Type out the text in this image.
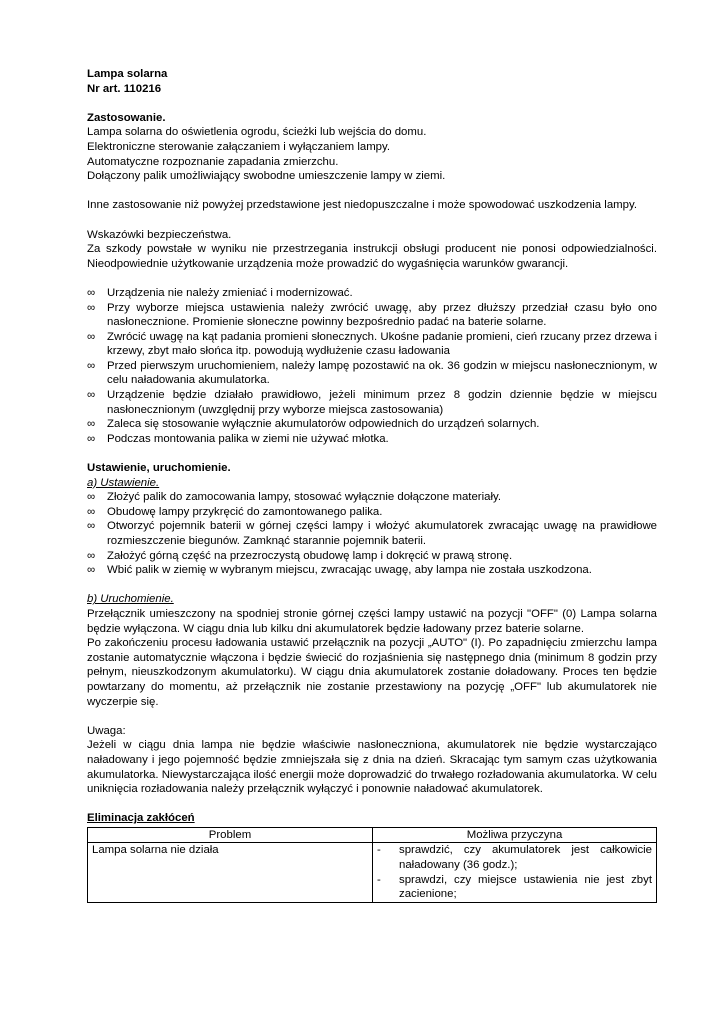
Lampa solarna

Nr art. 110216

Zastosowanie.

Lampa solarna do oświetlenia ogrodu, ścieżki lub wejścia do domu.

Elektroniczne sterowanie załączaniem i wyłączaniem lampy.

Automatyczne rozpoznanie zapadania zmierzchu.

Dołączony palik umożliwiający swobodne umieszczenie lampy w ziemi.

Inne zastosowanie niż powyżej przedstawione jest niedopuszczalne i może spowodować uszkodzenia lampy.

Wskazówki bezpieczeństwa.

Za szkody powstałe w wyniku nie przestrzegania instrukcji obsługi producent nie ponosi odpowiedzialności. Nieodpowiednie użytkowanie urządzenia może prowadzić do wygaśnięcia warunków gwarancji.

∞ Urządzenia nie należy zmieniać i modernizować.
∞ Przy wyborze miejsca ustawienia należy zwrócić uwagę, aby przez dłuższy przedział czasu było ono nasłonecznione. Promienie słoneczne powinny bezpośrednio padać na baterie solarne.
∞ Zwrócić uwagę na kąt padania promieni słonecznych. Ukośne padanie promieni, cień rzucany przez drzewa i krzewy, zbyt mało słońca itp. powodują wydłużenie czasu ładowania
∞ Przed pierwszym uruchomieniem, należy lampę pozostawić na ok. 36 godzin w miejscu nasłonecznionym, w celu naładowania akumulatorka.
∞ Urządzenie będzie działało prawidłowo, jeżeli minimum przez 8 godzin dziennie będzie w miejscu nasłonecznionym (uwzględnij przy wyborze miejsca zastosowania)
∞ Zaleca się stosowanie wyłącznie akumulatorów odpowiednich do urządzeń solarnych.
∞ Podczas montowania palika w ziemi nie używać młotka.

Ustawienie, uruchomienie.

a) Ustawienie.

∞ Złożyć palik do zamocowania lampy, stosować wyłącznie dołączone materiały.
∞ Obudowę lampy przykręcić do zamontowanego palika.
∞ Otworzyć pojemnik baterii w górnej części lampy i włożyć akumulatorek zwracając uwagę na prawidłowe rozmieszczenie biegunów. Zamknąć starannie pojemnik baterii.
∞ Założyć górną część na przezroczystą obudowę lamp i dokręcić w prawą stronę.
∞ Wbić palik w ziemię w wybranym miejscu, zwracając uwagę, aby lampa nie została uszkodzona.

b) Uruchomienie.

Przełącznik umieszczony na spodniej stronie górnej części lampy ustawić na pozycji "OFF" (0) Lampa solarna będzie wyłączona. W ciągu dnia lub kilku dni akumulatorek będzie ładowany przez baterie solarne.

Po zakończeniu procesu ładowania ustawić przełącznik na pozycji „AUTO" (I). Po zapadnięciu zmierzchu lampa zostanie automatycznie włączona i będzie świecić do rozjaśnienia się następnego dnia (minimum 8 godzin przy pełnym, nieuszkodzonym akumulatorku). W ciągu dnia akumulatorek zostanie doładowany. Proces ten będzie powtarzany do momentu, aż przełącznik nie zostanie przestawiony na pozycję „OFF" lub akumulatorek nie wyczerpie się.

Uwaga:

Jeżeli w ciągu dnia lampa nie będzie właściwie nasłoneczniona, akumulatorek nie będzie wystarczająco naładowany i jego pojemność będzie zmniejszała się z dnia na dzień. Skracając tym samym czas użytkowania akumulatorka. Niewystarczająca ilość energii może doprowadzić do trwałego rozładowania akumulatorka. W celu uniknięcia rozładowania należy przełącznik wyłączyć i ponownie naładować akumulatorek.

Eliminacja zakłóceń

Problem	Możliwa przyczyna
Lampa solarna nie działa	- sprawdzić, czy akumulatorek jest całkowicie naładowany (36 godz.);
- sprawdzi, czy miejsce ustawienia nie jest zbyt zacienione;
